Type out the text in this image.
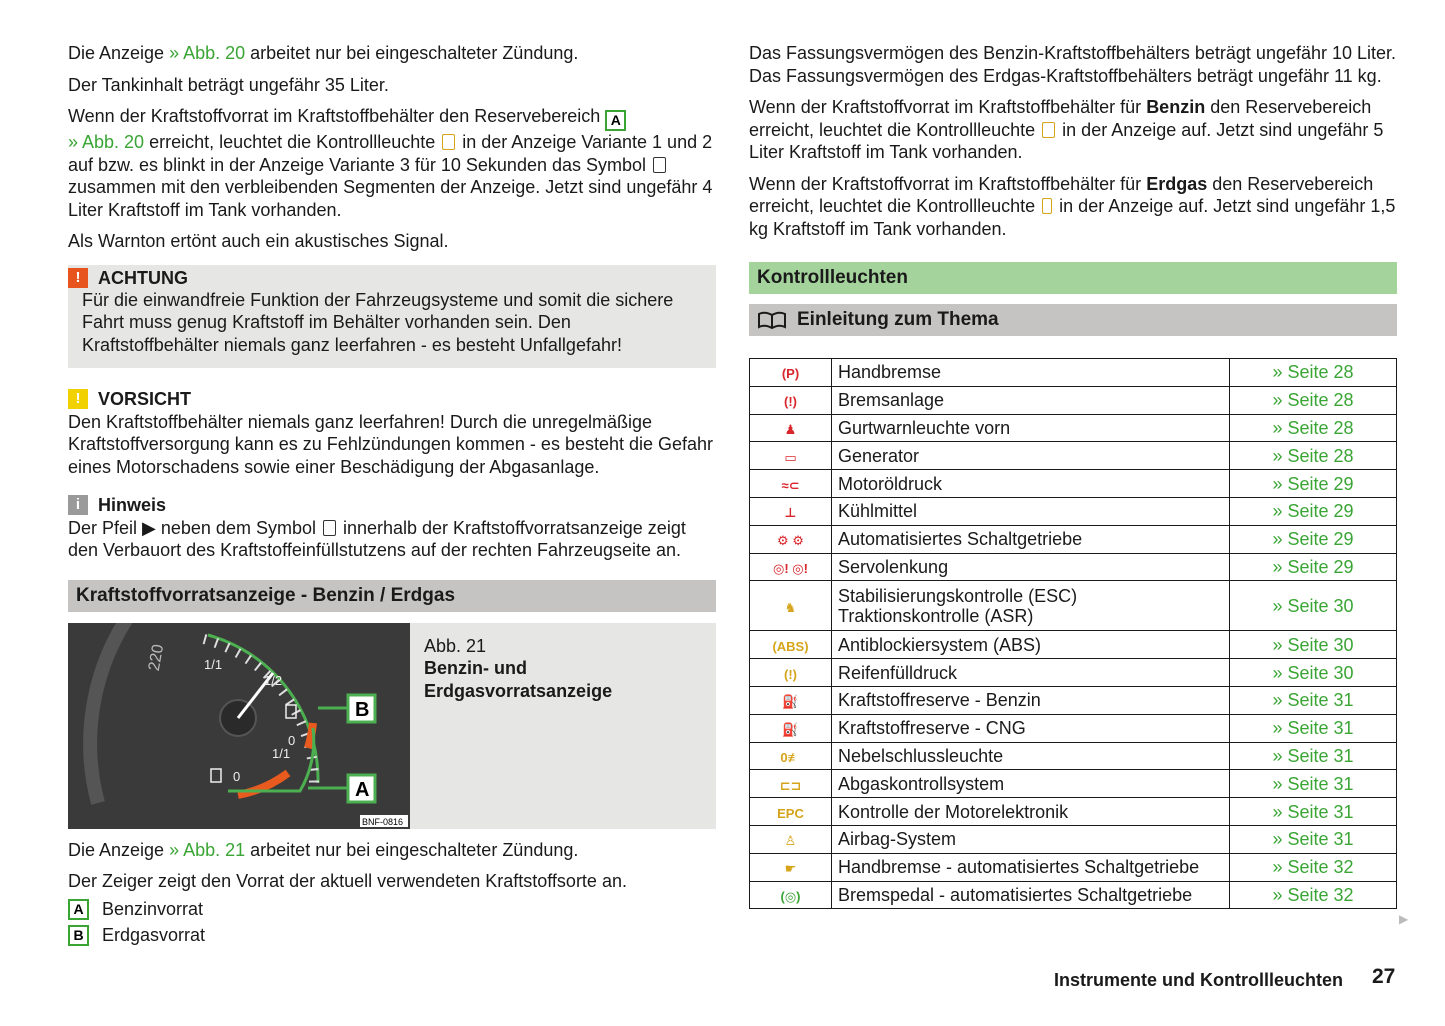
Die Anzeige » Abb. 20 arbeitet nur bei eingeschalteter Zündung.

Der Tankinhalt beträgt ungefähr 35 Liter.

Wenn der Kraftstoffvorrat im Kraftstoffbehälter den Reservebereich A
» Abb. 20 erreicht, leuchtet die Kontrollleuchte  in der Anzeige Variante 1 und 2 auf bzw. es blinkt in der Anzeige Variante 3 für 10 Sekunden das Symbol  zusammen mit den verbleibenden Segmenten der Anzeige. Jetzt sind ungefähr 4 Liter Kraftstoff im Tank vorhanden.

Als Warnton ertönt auch ein akustisches Signal.

! ACHTUNG
Für die einwandfreie Funktion der Fahrzeugsysteme und somit die sichere Fahrt muss genug Kraftstoff im Behälter vorhanden sein. Den Kraftstoffbehälter niemals ganz leerfahren - es besteht Unfallgefahr!
! VORSICHT
Den Kraftstoffbehälter niemals ganz leerfahren! Durch die unregelmäßige Kraftstoffversorgung kann es zu Fehlzündungen kommen - es besteht die Gefahr eines Motorschadens sowie einer Beschädigung der Abgasanlage.
i Hinweis
Der Pfeil ▶ neben dem Symbol  innerhalb der Kraftstoffvorratsanzeige zeigt den Verbauort des Kraftstoffeinfüllstutzens auf der rechten Fahrzeugseite an.
Kraftstoffvorratsanzeige - Benzin / Erdgas
1/1
1/2
1/1
0
0
220
B
A
BNF-0816
Abb. 21
Benzin- und Erdgasvorratsanzeige

Die Anzeige » Abb. 21 arbeitet nur bei eingeschalteter Zündung.

Der Zeiger zeigt den Vorrat der aktuell verwendeten Kraftstoffsorte an.

A	Benzinvorrat
B	Erdgasvorrat

Das Fassungsvermögen des Benzin-Kraftstoffbehälters beträgt ungefähr 10 Liter. Das Fassungsvermögen des Erdgas-Kraftstoffbehälters beträgt ungefähr 11 kg.

Wenn der Kraftstoffvorrat im Kraftstoffbehälter für Benzin den Reservebereich erreicht, leuchtet die Kontrollleuchte  in der Anzeige auf. Jetzt sind ungefähr 5 Liter Kraftstoff im Tank vorhanden.

Wenn der Kraftstoffvorrat im Kraftstoffbehälter für Erdgas den Reservebereich erreicht, leuchtet die Kontrollleuchte  in der Anzeige auf. Jetzt sind ungefähr 1,5 kg Kraftstoff im Tank vorhanden.

Kontrollleuchten
Einleitung zum Thema
(P)	Handbremse	» Seite 28
(!)	Bremsanlage	» Seite 28
♟	Gurtwarnleuchte vorn	» Seite 28
▭	Generator	» Seite 28
≈⊂	Motoröldruck	» Seite 29
⊥	Kühlmittel	» Seite 29
⚙ ⚙	Automatisiertes Schaltgetriebe	» Seite 29
◎! ◎!	Servolenkung	» Seite 29
♞	Stabilisierungskontrolle (ESC)
Traktionskontrolle (ASR)	» Seite 30
(ABS)	Antiblockiersystem (ABS)	» Seite 30
(!)	Reifenfülldruck	» Seite 30
⛽	Kraftstoffreserve - Benzin	» Seite 31
⛽	Kraftstoffreserve - CNG	» Seite 31
0≢	Nebelschlussleuchte	» Seite 31
⊏⊐	Abgaskontrollsystem	» Seite 31
EPC	Kontrolle der Motorelektronik	» Seite 31
♙	Airbag-System	» Seite 31
☛	Handbremse - automatisiertes Schaltgetriebe	» Seite 32
(◎)	Bremspedal - automatisiertes Schaltgetriebe	» Seite 32
Instrumente und Kontrollleuchten 27
▶
